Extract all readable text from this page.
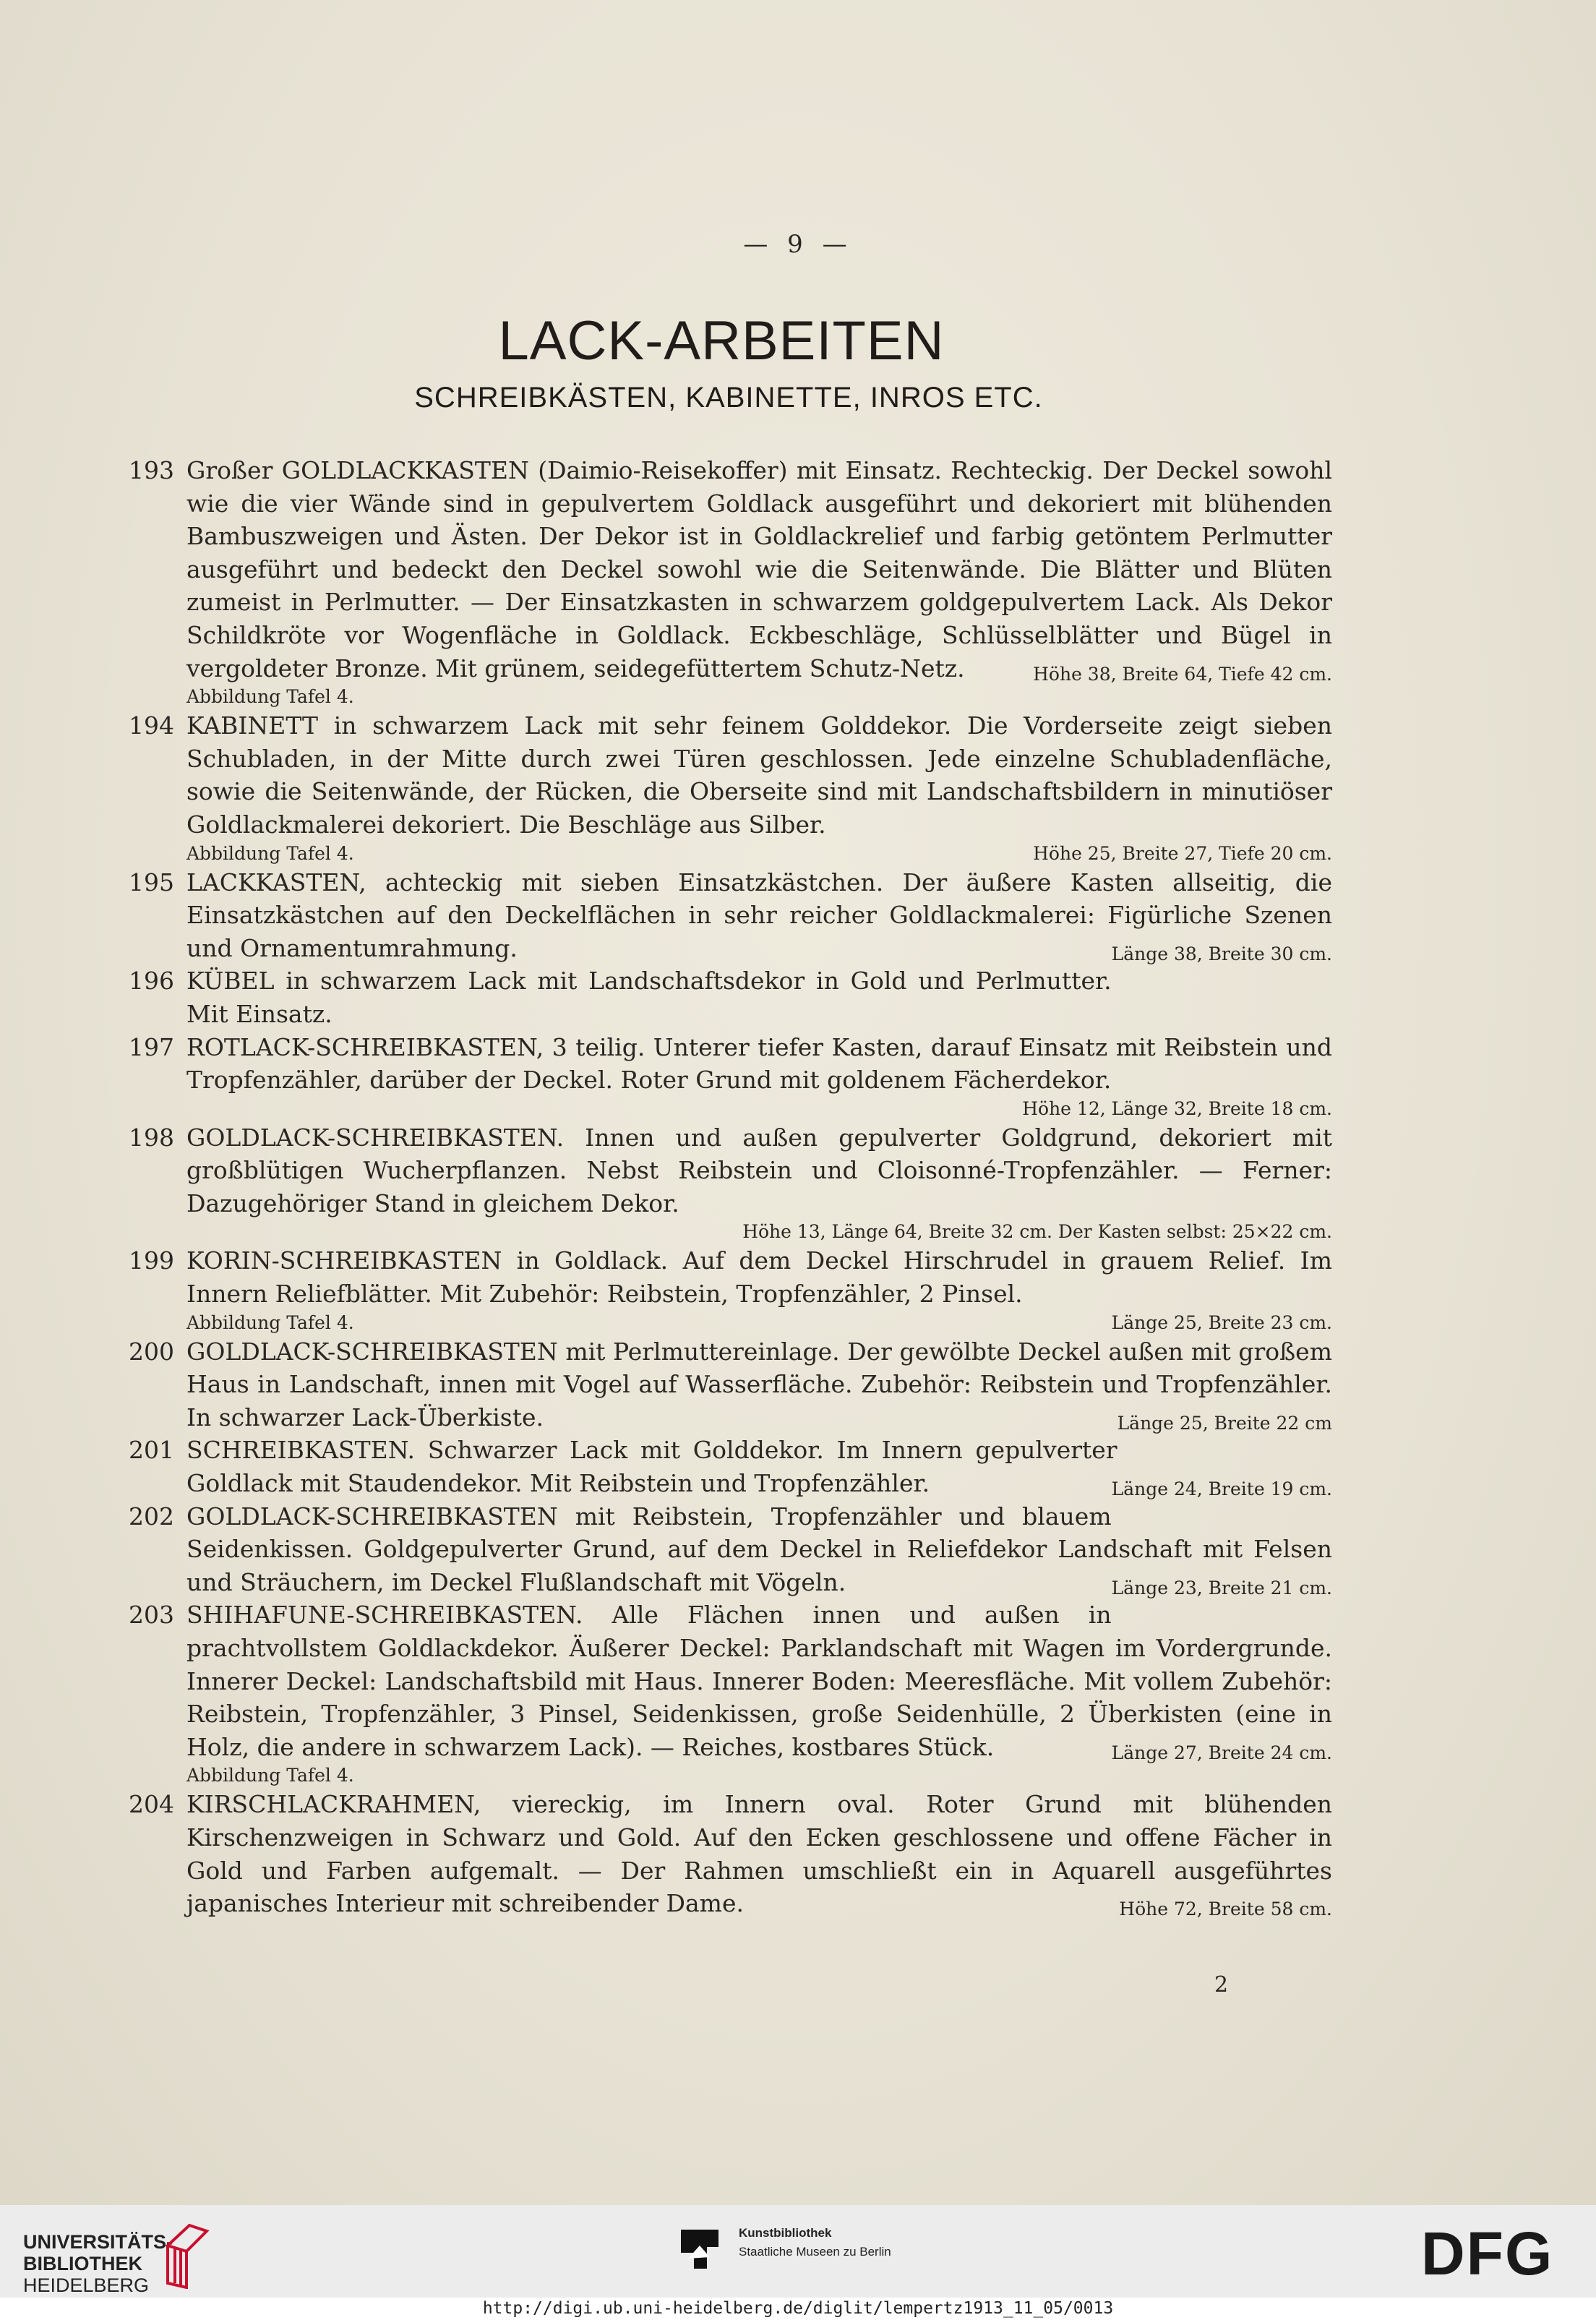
— 9 —
LACK-ARBEITEN
SCHREIBKÄSTEN, KABINETTE, INROS ETC.
193 Großer GOLDLACKKASTEN (Daimio-Reisekoffer) mit Einsatz. Rechteckig. Der Deckel sowohl wie die vier Wände sind in gepulvertem Goldlack ausgeführt und dekoriert mit blühenden Bambuszweigen und Ästen. Der Dekor ist in Goldlackrelief und farbig getöntem Perlmutter ausgeführt und bedeckt den Deckel sowohl wie die Seitenwände. Die Blätter und Blüten zumeist in Perlmutter. — Der Einsatzkasten in schwarzem goldgepulvertem Lack. Als Dekor Schildkröte vor Wogenfläche in Goldlack. Eckbeschläge, Schlüsselblätter und Bügel in vergoldeter Bronze. Mit grünem, seidegefüttertem Schutz-Netz.	Höhe 38, Breite 64, Tiefe 42 cm.
Abbildung Tafel 4.
194 KABINETT in schwarzem Lack mit sehr feinem Golddekor. Die Vorderseite zeigt sieben Schubladen, in der Mitte durch zwei Türen geschlossen. Jede einzelne Schubladenfläche, sowie die Seitenwände, der Rücken, die Oberseite sind mit Landschaftsbildern in minutiöser Goldlackmalerei dekoriert. Die Beschläge aus Silber.
Abbildung Tafel 4.	Höhe 25, Breite 27, Tiefe 20 cm.
195 LACKKASTEN, achteckig mit sieben Einsatzkästchen. Der äußere Kasten allseitig, die Einsatzkästchen auf den Deckelflächen in sehr reicher Goldlackmalerei: Figürliche Szenen und Ornamentumrahmung.	Länge 38, Breite 30 cm.
196 KÜBEL in schwarzem Lack mit Landschaftsdekor in Gold und Perlmutter. Mit Einsatz.
197 ROTLACK-SCHREIBKASTEN, 3 teilig. Unterer tiefer Kasten, darauf Einsatz mit Reibstein und Tropfenzähler, darüber der Deckel. Roter Grund mit goldenem Fächerdekor.
Höhe 12, Länge 32, Breite 18 cm.
198 GOLDLACK-SCHREIBKASTEN. Innen und außen gepulverter Goldgrund, dekoriert mit großblütigen Wucherpflanzen. Nebst Reibstein und Cloisonné-Tropfenzähler. — Ferner: Dazugehöriger Stand in gleichem Dekor.
Höhe 13, Länge 64, Breite 32 cm. Der Kasten selbst: 25×22 cm.
199 KORIN-SCHREIBKASTEN in Goldlack. Auf dem Deckel Hirschrudel in grauem Relief. Im Innern Reliefblätter. Mit Zubehör: Reibstein, Tropfenzähler, 2 Pinsel.
Abbildung Tafel 4.	Länge 25, Breite 23 cm.
200 GOLDLACK-SCHREIBKASTEN mit Perlmuttereinlage. Der gewölbte Deckel außen mit großem Haus in Landschaft, innen mit Vogel auf Wasserfläche. Zubehör: Reibstein und Tropfenzähler. In schwarzer Lack-Überkiste.	Länge 25, Breite 22 cm
201 SCHREIBKASTEN. Schwarzer Lack mit Golddekor. Im Innern gepulverter Goldlack mit Staudendekor. Mit Reibstein und Tropfenzähler.	Länge 24, Breite 19 cm.
202 GOLDLACK-SCHREIBKASTEN mit Reibstein, Tropfenzähler und blauem Seidenkissen. Goldgepulverter Grund, auf dem Deckel in Reliefdekor Landschaft mit Felsen und Sträuchern, im Deckel Flußlandschaft mit Vögeln.	Länge 23, Breite 21 cm.
203 SHIHAFUNE-SCHREIBKASTEN. Alle Flächen innen und außen in prachtvollstem Goldlackdekor. Äußerer Deckel: Parklandschaft mit Wagen im Vordergrunde. Innerer Deckel: Landschaftsbild mit Haus. Innerer Boden: Meeresfläche. Mit vollem Zubehör: Reibstein, Tropfenzähler, 3 Pinsel, Seidenkissen, große Seidenhülle, 2 Überkisten (eine in Holz, die andere in schwarzem Lack). — Reiches, kostbares Stück.	Länge 27, Breite 24 cm.
Abbildung Tafel 4.
204 KIRSCHLACKRAHMEN, viereckig, im Innern oval. Roter Grund mit blühenden Kirschenzweigen in Schwarz und Gold. Auf den Ecken geschlossene und offene Fächer in Gold und Farben aufgemalt. — Der Rahmen umschließt ein in Aquarell ausgeführtes japanisches Interieur mit schreibender Dame.	Höhe 72, Breite 58 cm.
2
UNIVERSITÄTS-
BIBLIOTHEK
HEIDELBERG
Kunstbibliothek
Staatliche Museen zu Berlin	DFG
http://digi.ub.uni-heidelberg.de/diglit/lempertz1913_11_05/0013
